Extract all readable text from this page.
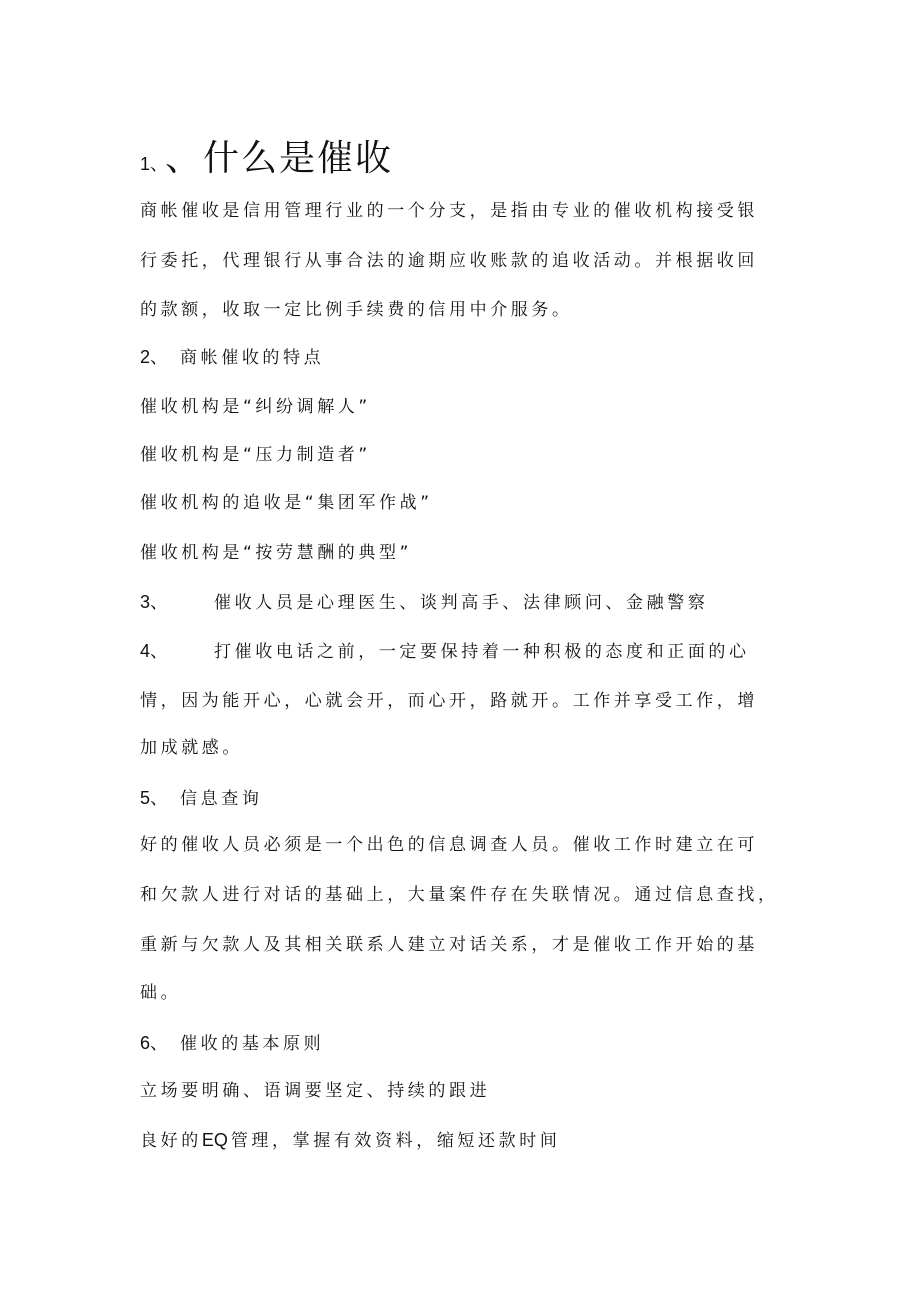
1、 、什么是催收
商帐催收是信用管理行业的一个分支，是指由专业的催收机构接受银
行委托，代理银行从事合法的逾期应收账款的追收活动。并根据收回
的款额，收取一定比例手续费的信用中介服务。
2、 商帐催收的特点
催收机构是“纠纷调解人”
催收机构是“压力制造者”
催收机构的追收是“集团军作战”
催收机构是“按劳慧酬的典型”
3、	催收人员是心理医生、谈判高手、法律顾问、金融警察
4、	打催收电话之前，一定要保持着一种积极的态度和正面的心
情，因为能开心，心就会开，而心开，路就开。工作并享受工作，增
加成就感。
5、 信息查询
好的催收人员必须是一个出色的信息调查人员。催收工作时建立在可
和欠款人进行对话的基础上，大量案件存在失联情况。通过信息查找，
重新与欠款人及其相关联系人建立对话关系，才是催收工作开始的基
础。
6、 催收的基本原则
立场要明确、语调要坚定、持续的跟进
良好的EQ 管理，掌握有效资料，缩短还款时间
